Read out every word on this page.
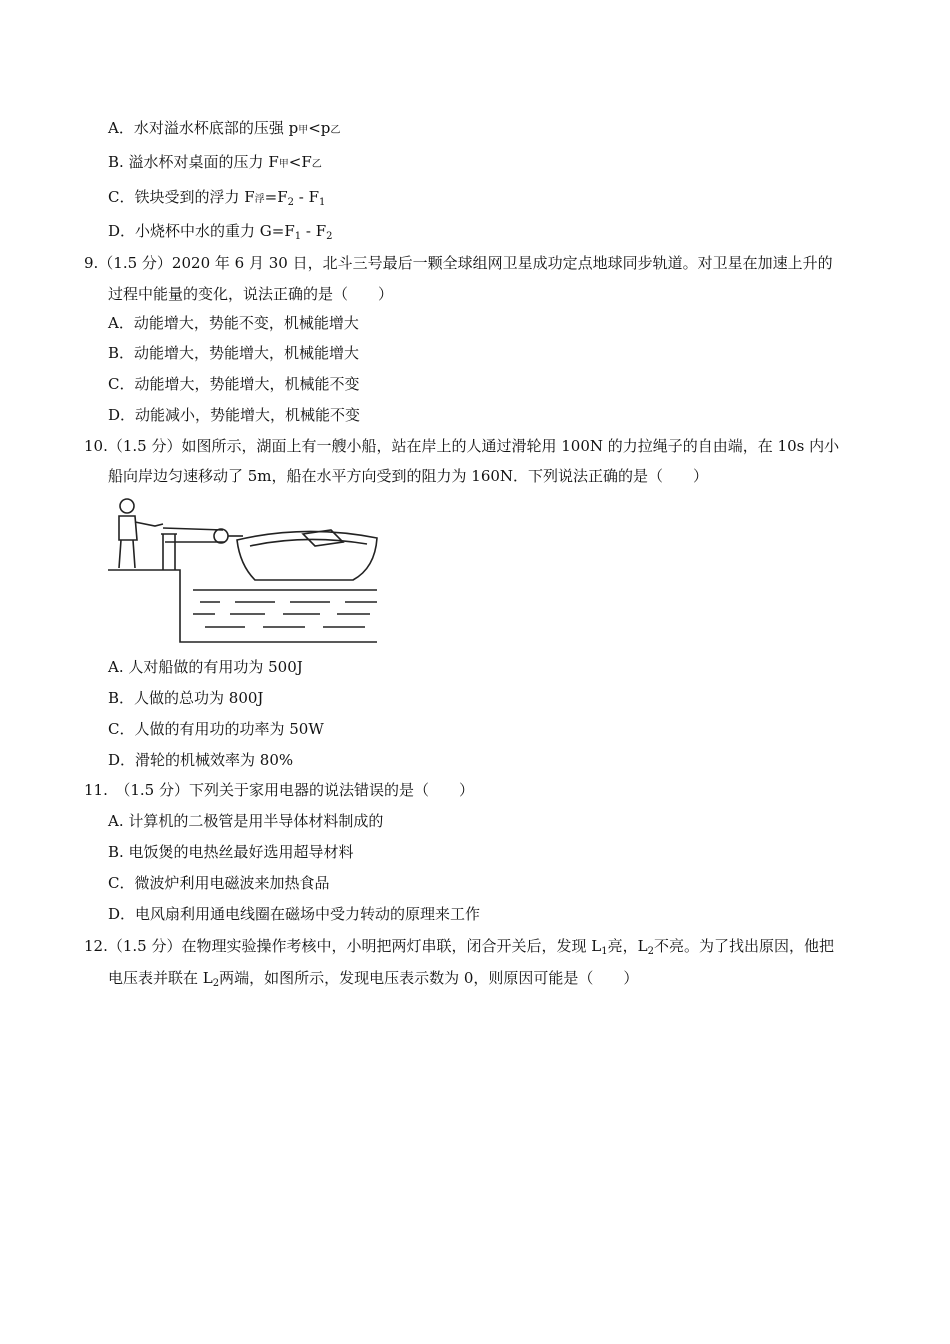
A．水对溢水杯底部的压强 p甲<p乙
B. 溢水杯对桌面的压力 F甲<F乙
C．铁块受到的浮力 F浮$=F_2 - F_1$
D．小烧杯中水的重力 $G=F_1 - F_2$
9.（1.5 分）2020 年 6 月 30 日，北斗三号最后一颗全球组网卫星成功定点地球同步轨道。对卫星在加速上升的
过程中能量的变化，说法正确的是（　　）
A．动能增大，势能不变，机械能增大
B．动能增大，势能增大，机械能增大
C．动能增大，势能增大，机械能不变
D．动能减小，势能增大，机械能不变
10.（1.5 分）如图所示，湖面上有一艘小船，站在岸上的人通过滑轮用 100N 的力拉绳子的自由端，在 10s 内小
船向岸边匀速移动了 5m，船在水平方向受到的阻力为 160N．下列说法正确的是（　　）
A. 人对船做的有用功为 500J
B．人做的总功为 800J
C．人做的有用功的功率为 50W
D．滑轮的机械效率为 80%
11.　（1.5 分）下列关于家用电器的说法错误的是（　　）
A. 计算机的二极管是用半导体材料制成的
B. 电饭煲的电热丝最好选用超导材料
C．微波炉利用电磁波来加热食品
D．电风扇利用通电线圈在磁场中受力转动的原理来工作
12.（1.5 分）在物理实验操作考核中，小明把两灯串联，闭合开关后，发现 $L_1$亮，$L_2$不亮。为了找出原因，他把
电压表并联在 $L_2$两端，如图所示，发现电压表示数为 0，则原因可能是（　　）
